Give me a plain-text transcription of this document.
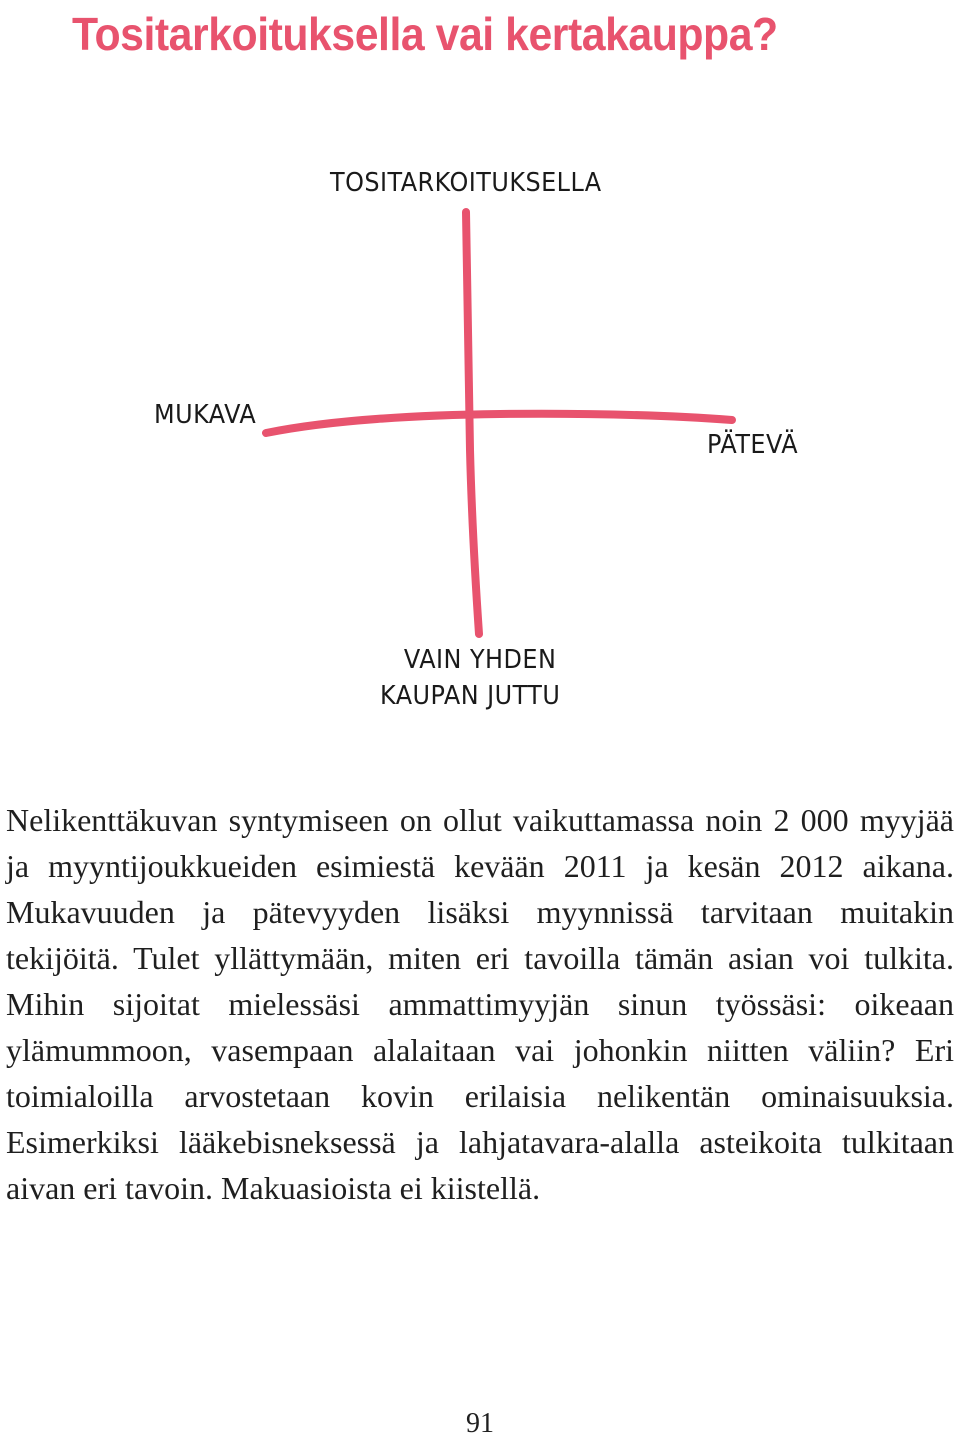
Tositarkoituksella vai kertakauppa?
TOSITARKOITUKSELLA
MUKAVA
PÄTEVÄ
VAIN YHDEN
KAUPAN JUTTU
Nelikenttäkuvan syntymiseen on ollut vaikuttamassa noin 2 000 myyjää ja myyntijoukkueiden esimiestä kevään 2011 ja kesän 2012 aikana. Mukavuuden ja pätevyyden lisäksi myynnissä tarvitaan muitakin tekijöitä. Tulet yllättymään, miten eri tavoilla tämän asian voi tulkita. Mihin sijoitat mielessäsi ammattimyyjän sinun työssäsi: oikeaan ylämummoon, vasempaan alalaitaan vai johonkin niitten väliin? Eri toimialoilla arvostetaan kovin erilaisia nelikentän ominaisuuksia. Esimerkiksi lääkebisneksessä ja lahjatavara-alalla asteikoita tulkitaan aivan eri tavoin. Makuasioista ei kiistellä.
91
